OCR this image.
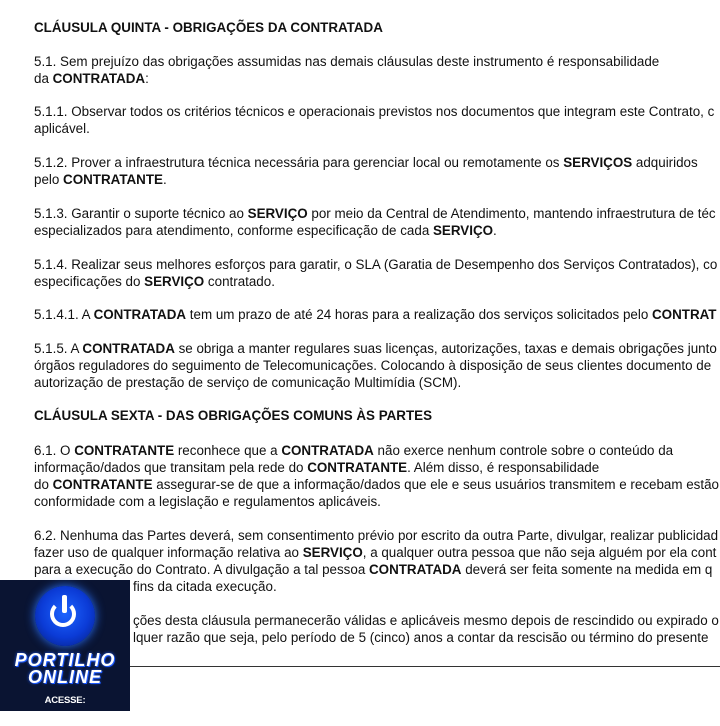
CLÁUSULA QUINTA - OBRIGAÇÕES DA CONTRATADA
5.1. Sem prejuízo das obrigações assumidas nas demais cláusulas deste instrumento é responsabilidade
da CONTRATADA:
5.1.1. Observar todos os critérios técnicos e operacionais previstos nos documentos que integram este Contrato, c
aplicável.
5.1.2. Prover a infraestrutura técnica necessária para gerenciar local ou remotamente os SERVIÇOS adquiridos
pelo CONTRATANTE.
5.1.3. Garantir o suporte técnico ao SERVIÇO por meio da Central de Atendimento, mantendo infraestrutura de téc
especializados para atendimento, conforme especificação de cada SERVIÇO.
5.1.4. Realizar seus melhores esforços para garatir, o SLA (Garatia de Desempenho dos Serviços Contratados), co
especificações do SERVIÇO contratado.
5.1.4.1. A CONTRATADA tem um prazo de até 24 horas para a realização dos serviços solicitados pelo CONTRAT
5.1.5. A CONTRATADA se obriga a manter regulares suas licenças, autorizações, taxas e demais obrigações junto
órgãos reguladores do seguimento de Telecomunicações. Colocando à disposição de seus clientes documento de
autorização de prestação de serviço de comunicação Multimídia (SCM).
CLÁUSULA SEXTA - DAS OBRIGAÇÕES COMUNS ÀS PARTES
6.1. O CONTRATANTE reconhece que a CONTRATADA não exerce nenhum controle sobre o conteúdo da
informação/dados que transitam pela rede do CONTRATANTE. Além disso, é responsabilidade
do CONTRATANTE assegurar-se de que a informação/dados que ele e seus usuários transmitem e recebam estão
conformidade com a legislação e regulamentos aplicáveis.
6.2. Nenhuma das Partes deverá, sem consentimento prévio por escrito da outra Parte, divulgar, realizar publicidad
fazer uso de qualquer informação relativa ao SERVIÇO, a qualquer outra pessoa que não seja alguém por ela cont
para a execução do Contrato. A divulgação a tal pessoa CONTRATADA deverá ser feita somente na medida em q
fins da citada execução.
ções desta cláusula permanecerão válidas e aplicáveis mesmo depois de rescindido ou expirado o
lquer razão que seja, pelo período de 5 (cinco) anos a contar da rescisão ou término do presente
PORTILHO
ONLINE
ACESSE: WWW.PORTILHO.ONLINE
